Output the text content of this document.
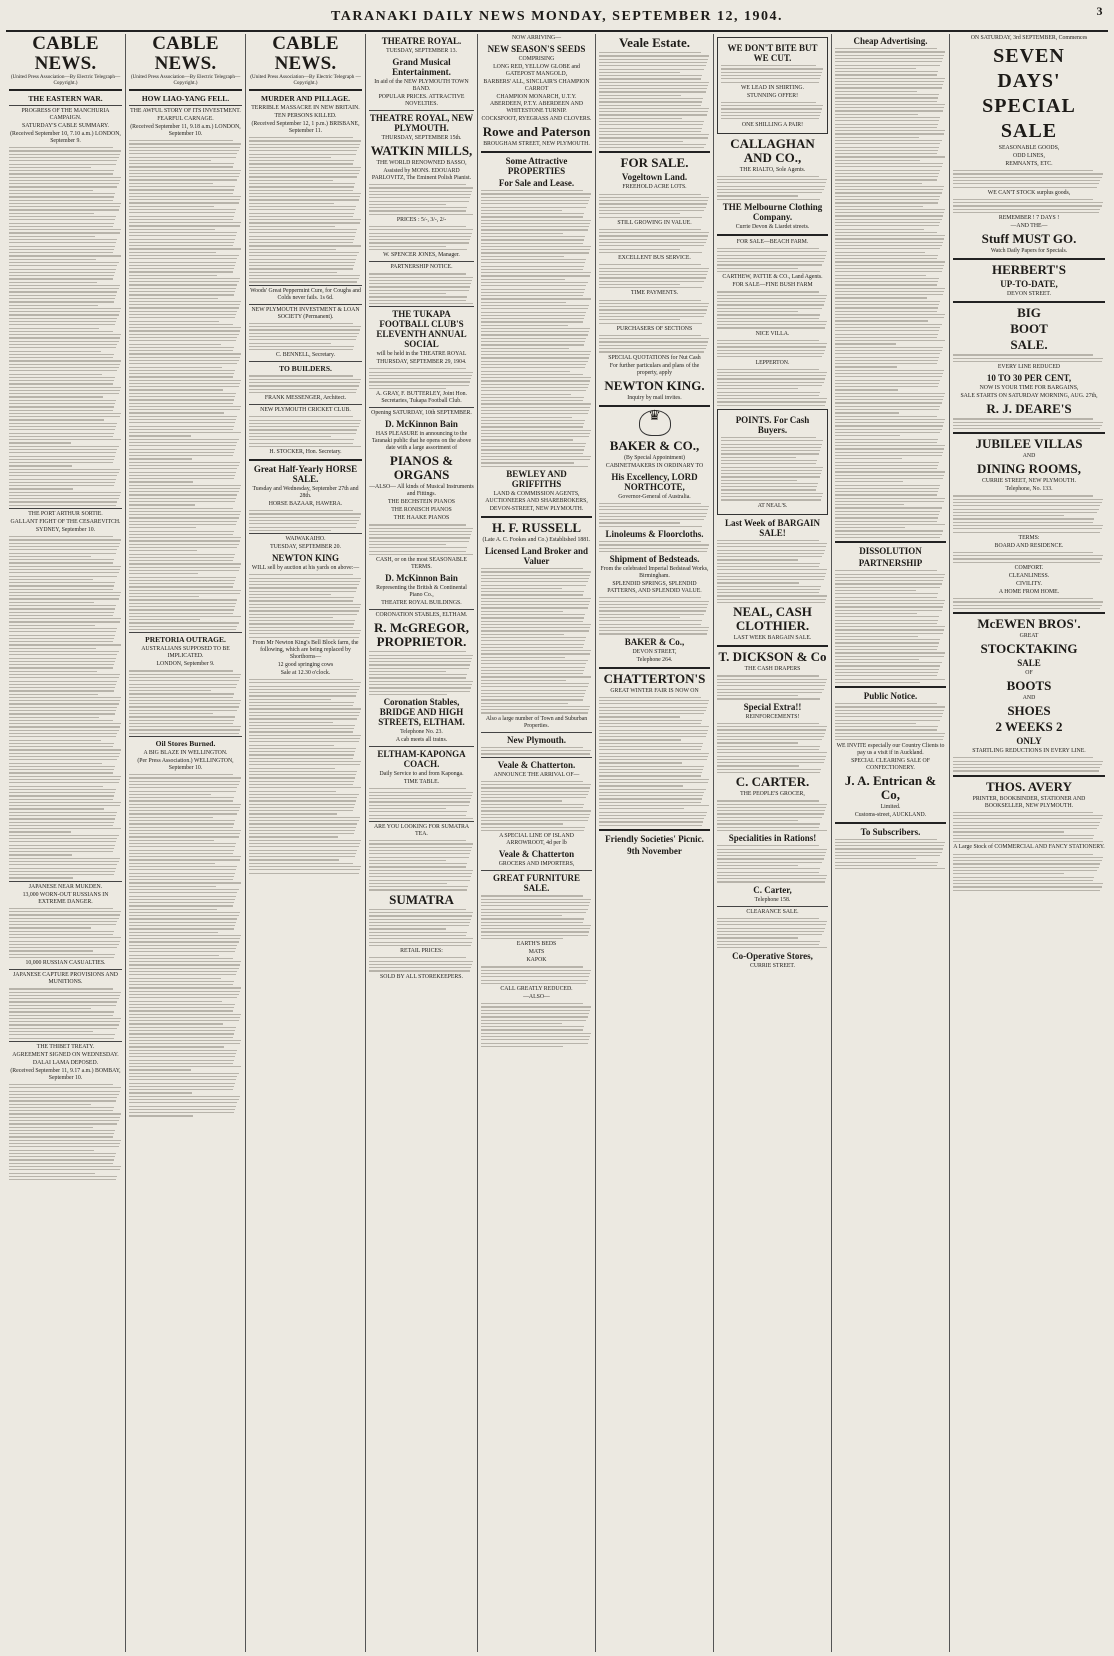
TARANAKI DAILY NEWS MONDAY, SEPTEMBER 12, 1904.	3
CABLE NEWS.
(United Press Association—By Electric Telegraph—Copyright.)
THE EASTERN WAR.
PROGRESS OF THE MANCHURIA CAMPAIGN.
SATURDAY'S CABLE SUMMARY.
(Received September 10, 7.10 a.m.) LONDON, September 9.
THE PORT ARTHUR SORTIE.
GALLANT FIGHT OF THE CESAREVITCH.
SYDNEY, September 10.
JAPANESE NEAR MUKDEN.
13,000 WORN-OUT RUSSIANS IN EXTREME DANGER.
10,000 RUSSIAN CASUALTIES.
JAPANESE CAPTURE PROVISIONS AND MUNITIONS.
THE THIBET TREATY.
AGREEMENT SIGNED ON WEDNESDAY.
DALAI LAMA DEPOSED.
(Received September 11, 9.17 a.m.) BOMBAY, September 10.
CABLE NEWS.
(United Press Association—By Electric Telegraph—Copyright.)
HOW LIAO-YANG FELL.
THE AWFUL STORY OF ITS INVESTMENT.
FEARFUL CARNAGE.
(Received September 11, 9.18 a.m.) LONDON, September 10.
PRETORIA OUTRAGE.
AUSTRALIANS SUPPOSED TO BE IMPLICATED.
LONDON, September 9.
Oil Stores Burned.
A BIG BLAZE IN WELLINGTON.
(Per Press Association.) WELLINGTON, September 10.
CABLE NEWS.
(United Press Association—By Electric Telegraph — Copyright.)
MURDER AND PILLAGE.
TERRIBLE MASSACRE IN NEW BRITAIN.
TEN PERSONS KILLED.
(Received September 12, 1 p.m.) BRISBANE, September 11.
Woods' Great Peppermint Cure, for Coughs and Colds never fails. 1s 6d.
NEW PLYMOUTH INVESTMENT & LOAN SOCIETY (Permanent).
C. BENNELL, Secretary.
TO BUILDERS.
FRANK MESSENGER, Architect.
NEW PLYMOUTH CRICKET CLUB.
H. STOCKER, Hon. Secretary.
Great Half-Yearly HORSE SALE.
Tuesday and Wednesday, September 27th and 28th.
HORSE BAZAAR, HAWERA.
WAIWAKAIHO.
TUESDAY, SEPTEMBER 20.
NEWTON KING
WILL sell by auction at his yards on above:—
From Mr Newton King's Bell Block farm, the following, which are being replaced by Shorthorns—
12 good springing cows
Sale at 12.30 o'clock.
THEATRE ROYAL.
TUESDAY, SEPTEMBER 13.
Grand Musical Entertainment.
In aid of the NEW PLYMOUTH TOWN BAND.
POPULAR PRICES. ATTRACTIVE NOVELTIES.
THEATRE ROYAL, NEW PLYMOUTH.
THURSDAY, SEPTEMBER 15th.
WATKIN MILLS,
THE WORLD RENOWNED BASSO,
Assisted by MONS. EDOUARD PARLOVITZ, The Eminent Polish Pianist.
PRICES : 5/-, 3/-, 2/-
W. SPENCER JONES, Manager.
PARTNERSHIP NOTICE.
THE TUKAPA FOOTBALL CLUB'S ELEVENTH ANNUAL SOCIAL
will be held in the THEATRE ROYAL
THURSDAY, SEPTEMBER 29, 1904.
A. GRAY, F. BUTTERLEY, Joint Hon. Secretaries, Tukapa Football Club.
Opening SATURDAY, 10th SEPTEMBER.
D. McKinnon Bain
HAS PLEASURE in announcing to the Taranaki public that he opens on the above date with a large assortment of
PIANOS & ORGANS
—ALSO— All kinds of Musical Instruments and Fittings.
THE BECHSTEIN PIANOS
THE RONISCH PIANOS
THE HAAKE PIANOS
CASH, or on the most SEASONABLE TERMS.
D. McKinnon Bain
Representing the British & Continental Piano Co.,
THEATRE ROYAL BUILDINGS.
CORONATION STABLES, ELTHAM.
R. McGREGOR, PROPRIETOR.
Coronation Stables, BRIDGE AND HIGH STREETS, ELTHAM.
Telephone No. 23.
A cab meets all trains.
ELTHAM-KAPONGA COACH.
Daily Service to and from Kaponga.
TIME TABLE.
ARE YOU LOOKING FOR SUMATRA TEA.
SUMATRA
RETAIL PRICES:
SOLD BY ALL STOREKEEPERS.
NOW ARRIVING—
NEW SEASON'S SEEDS
COMPRISING
LONG RED, YELLOW GLOBE and GATEPOST MANGOLD,
BARBERS' ALL, SINCLAIR'S CHAMPION CARROT
CHAMPION MONARCH, U.T.Y. ABERDEEN, P.T.Y. ABERDEEN AND WHITESTONE TURNIP.
COCKSFOOT, RYEGRASS AND CLOVERS.
Rowe and Paterson
BROUGHAM STREET, NEW PLYMOUTH.
Some Attractive PROPERTIES
For Sale and Lease.
BEWLEY AND GRIFFITHS
LAND & COMMISSION AGENTS, AUCTIONEERS AND SHAREBROKERS,
DEVON-STREET, NEW PLYMOUTH.
H. F. RUSSELL
(Late A. C. Fookes and Co.) Established 1881.
Licensed Land Broker and Valuer
Also a large number of Town and Suburban Properties.
New Plymouth.
Veale & Chatterton.
ANNOUNCE THE ARRIVAL OF—
A SPECIAL LINE OF ISLAND ARROWROOT, 4d per lb
Veale & Chatterton
GROCERS AND IMPORTERS,
GREAT FURNITURE SALE.
EARTH'S BEDS
MATS
KAPOK
CALL GREATLY REDUCED.
—ALSO—
Veale Estate.
FOR SALE.
Vogeltown Land.
FREEHOLD ACRE LOTS.
STILL GROWING IN VALUE.
EXCELLENT BUS SERVICE.
TIME PAYMENTS.
PURCHASERS OF SECTIONS
SPECIAL QUOTATIONS for Nut Cash
For further particulars and plans of the property, apply
NEWTON KING.
Inquiry by mail invites.
♛
BAKER & CO.,
(By Special Appointment)
CABINETMAKERS IN ORDINARY TO
His Excellency, LORD NORTHCOTE,
Governor-General of Australia.
Linoleums & Floorcloths.
Shipment of Bedsteads.
From the celebrated Imperial Bedstead Works, Birmingham.
SPLENDID SPRINGS, SPLENDID PATTERNS, AND SPLENDID VALUE.
BAKER & Co.,
DEVON STREET,
Telephone 264.
CHATTERTON'S
GREAT WINTER FAIR IS NOW ON
Friendly Societies' Picnic.
9th November
WE DON'T BITE BUT WE CUT.
WE LEAD IN SHIRTING.
STUNNING OFFER!
ONE SHILLING A PAIR!
CALLAGHAN AND CO.,
THE RIALTO, Sole Agents.
THE Melbourne Clothing Company.
Currie Devon & Liardet streets.
FOR SALE—BEACH FARM.
CARTHEW, PATTIE & CO., Land Agents.
FOR SALE—FINE BUSH FARM
NICE VILLA.
LEPPERTON.
POINTS. For Cash Buyers.
AT NEAL'S.
Last Week of BARGAIN SALE!
NEAL, CASH CLOTHIER.
LAST WEEK BARGAIN SALE.
T. DICKSON & Co
THE CASH DRAPERS
Special Extra!!
REINFORCEMENTS!
C. CARTER.
THE PEOPLE'S GROCER,
Specialities in Rations!
C. Carter,
Telephone 158.
CLEARANCE SALE.
Co-Operative Stores,
CURRIE STREET.
Cheap Advertising.
DISSOLUTION
PARTNERSHIP
Public Notice.
WE INVITE especially our Country Clients to pay us a visit if in Auckland.
SPECIAL CLEARING SALE OF CONFECTIONERY.
J. A. Entrican & Co,
Limited.
Customs-street, AUCKLAND.
To Subscribers.
ON SATURDAY, 3rd SEPTEMBER, Commences
SEVEN
DAYS'
SPECIAL
SALE
SEASONABLE GOODS,
ODD LINES,
REMNANTS, ETC.
WE CAN'T STOCK surplus goods,
REMEMBER ! 7 DAYS !
—AND THE—
Stuff MUST GO.
Watch Daily Papers for Specials.
HERBERT'S
UP-TO-DATE,
DEVON STREET.
BIG
BOOT
SALE.
EVERY LINE REDUCED
10 TO 30 PER CENT,
NOW IS YOUR TIME FOR BARGAINS,
SALE STARTS ON SATURDAY MORNING, AUG. 27th,
R. J. DEARE'S
JUBILEE VILLAS
AND
DINING ROOMS,
CURRIE STREET, NEW PLYMOUTH.
Telephone, No. 133.
TERMS:
BOARD AND RESIDENCE.
COMFORT.
CLEANLINESS.
CIVILITY.
A HOME FROM HOME.
McEWEN BROS'.
GREAT
STOCKTAKING
SALE
OF
BOOTS
AND
SHOES
2 WEEKS 2
ONLY
STARTLING REDUCTIONS IN EVERY LINE.
THOS. AVERY
PRINTER, BOOKBINDER, STATIONER AND BOOKSELLER, NEW PLYMOUTH.
A Large Stock of COMMERCIAL AND FANCY STATIONERY.
